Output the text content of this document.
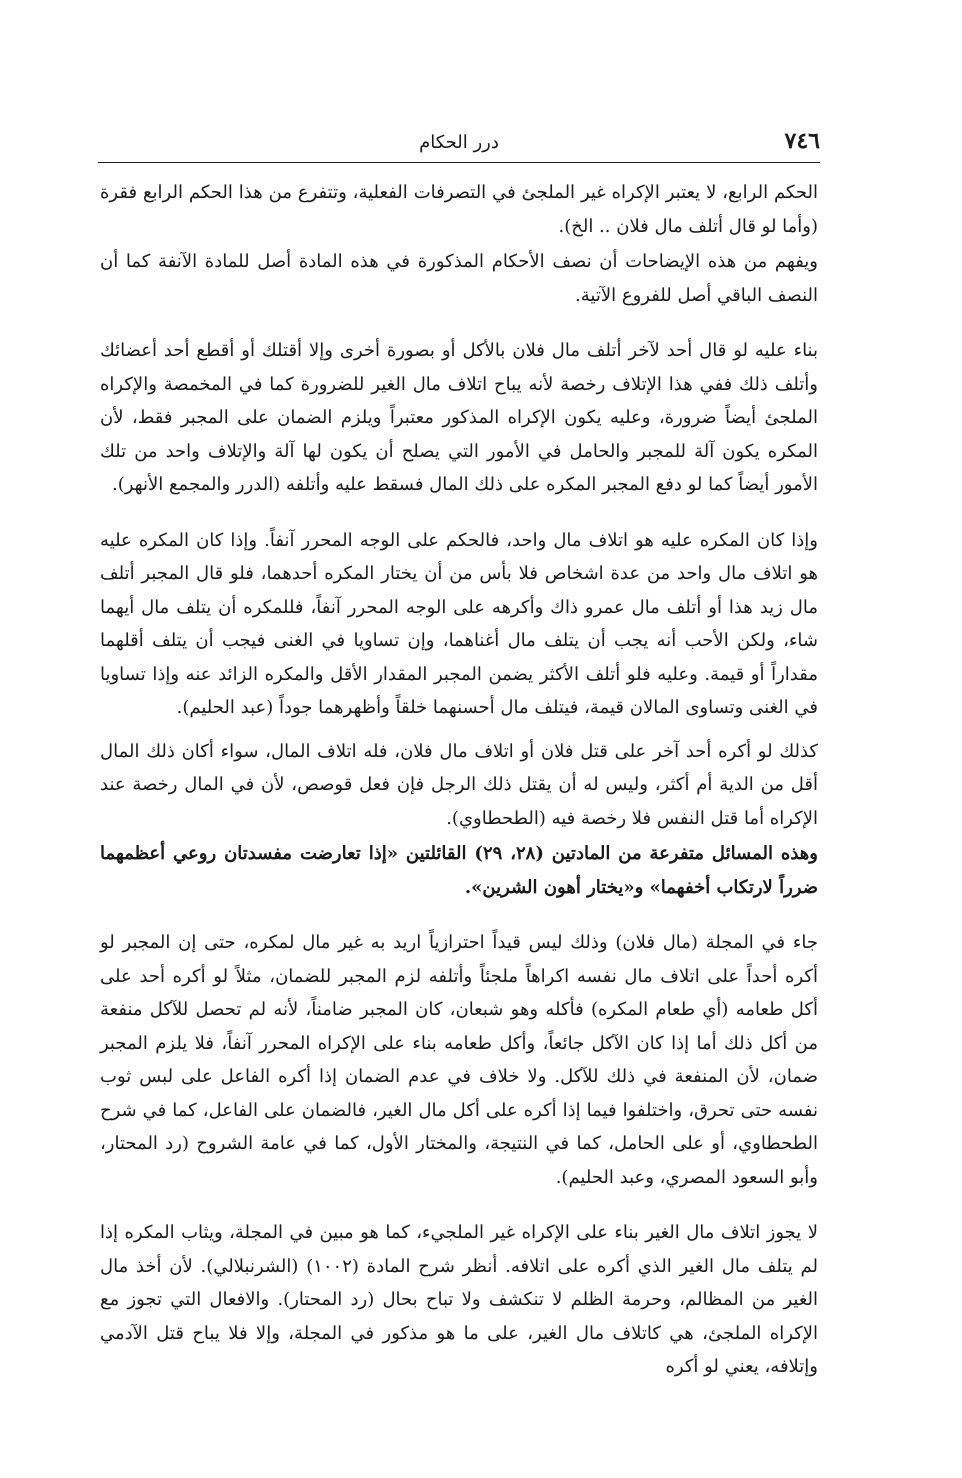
٧٤٦
درر الحكام

الحكم الرابع، لا يعتبر الإكراه غير الملجئ في التصرفات الفعلية، وتتفرع من هذا الحكم الرابع فقرة (وأما لو قال أتلف مال فلان .. الخ).

ويفهم من هذه الإيضاحات أن نصف الأحكام المذكورة في هذه المادة أصل للمادة الآنفة كما أن النصف الباقي أصل للفروع الآتية.

بناء عليه لو قال أحد لآخر أتلف مال فلان بالأكل أو بصورة أخرى وإلا أقتلك أو أقطع أحد أعضائك وأتلف ذلك ففي هذا الإتلاف رخصة لأنه يباح اتلاف مال الغير للضرورة كما في المخمصة والإكراه الملجئ أيضاً ضرورة، وعليه يكون الإكراه المذكور معتبراً ويلزم الضمان على المجبر فقط، لأن المكره يكون آلة للمجبر والحامل في الأمور التي يصلح أن يكون لها آلة والإتلاف واحد من تلك الأمور أيضاً كما لو دفع المجبر المكره على ذلك المال فسقط عليه وأتلفه (الدرر والمجمع الأنهر).

وإذا كان المكره عليه هو اتلاف مال واحد، فالحكم على الوجه المحرر آنفاً. وإذا كان المكره عليه هو اتلاف مال واحد من عدة اشخاص فلا بأس من أن يختار المكره أحدهما، فلو قال المجبر أتلف مال زيد هذا أو أتلف مال عمرو ذاك وأكرهه على الوجه المحرر آنفاً، فللمكره أن يتلف مال أيهما شاء، ولكن الأحب أنه يجب أن يتلف مال أغناهما، وإن تساويا في الغنى فيجب أن يتلف أقلهما مقداراً أو قيمة. وعليه فلو أتلف الأكثر يضمن المجبر المقدار الأقل والمكره الزائد عنه وإذا تساويا في الغنى وتساوى المالان قيمة، فيتلف مال أحسنهما خلقاً وأظهرهما جوداً (عبد الحليم).

كذلك لو أكره أحد آخر على قتل فلان أو اتلاف مال فلان، فله اتلاف المال، سواء أكان ذلك المال أقل من الدية أم أكثر، وليس له أن يقتل ذلك الرجل فإن فعل قوصص، لأن في المال رخصة عند الإكراه أما قتل النفس فلا رخصة فيه (الطحطاوي).

وهذه المسائل متفرعة من المادتين (٢٨، ٢٩) القائلتين «إذا تعارضت مفسدتان روعي أعظمهما ضرراً لارتكاب أخفهما» و«يختار أهون الشرين».

جاء في المجلة (مال فلان) وذلك ليس قيداً احترازياً اريد به غير مال لمكره، حتى إن المجبر لو أكره أحداً على اتلاف مال نفسه اكراهاً ملجئاً وأتلفه لزم المجبر للضمان، مثلاً لو أكره أحد على أكل طعامه (أي طعام المكره) فأكله وهو شبعان، كان المجبر ضامناً، لأنه لم تحصل للآكل منفعة من أكل ذلك أما إذا كان الآكل جائعاً، وأكل طعامه بناء على الإكراه المحرر آنفاً، فلا يلزم المجبر ضمان، لأن المنفعة في ذلك للآكل. ولا خلاف في عدم الضمان إذا أكره الفاعل على لبس ثوب نفسه حتى تحرق، واختلفوا فيما إذا أكره على أكل مال الغير، فالضمان على الفاعل، كما في شرح الطحطاوي، أو على الحامل، كما في النتيجة، والمختار الأول، كما في عامة الشروح (رد المحتار، وأبو السعود المصري، وعبد الحليم).

لا يجوز اتلاف مال الغير بناء على الإكراه غير الملجيء، كما هو مبين في المجلة، ويثاب المكره إذا لم يتلف مال الغير الذي أكره على اتلافه. أنظر شرح المادة (١٠٠٢) (الشرنبلالي). لأن أخذ مال الغير من المظالم، وحرمة الظلم لا تنكشف ولا تباح بحال (رد المحتار). والافعال التي تجوز مع الإكراه الملجئ، هي كاتلاف مال الغير، على ما هو مذكور في المجلة، وإلا فلا يباح قتل الآدمي وإتلافه، يعني لو أكره
